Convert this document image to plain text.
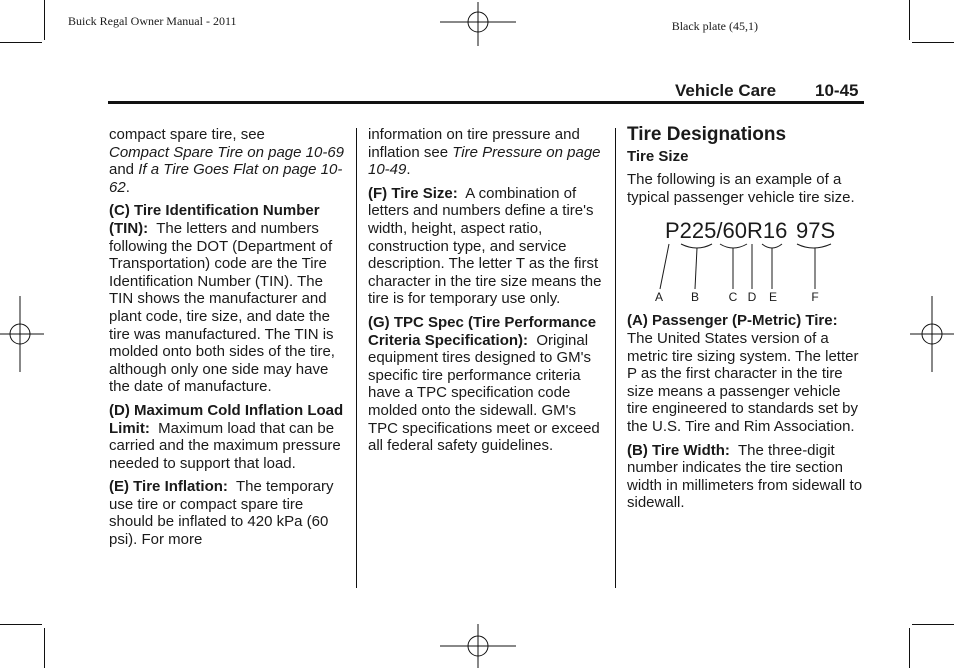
Buick Regal Owner Manual - 2011	Black plate (45,1)
Vehicle Care 10-45

compact spare tire, see
Compact Spare Tire on page 10-69 and If a Tire Goes Flat on page 10-62.

(C) Tire Identification Number (TIN): The letters and numbers following the DOT (Department of Transportation) code are the Tire Identification Number (TIN). The TIN shows the manufacturer and plant code, tire size, and date the tire was manufactured. The TIN is molded onto both sides of the tire, although only one side may have the date of manufacture.

(D) Maximum Cold Inflation Load Limit: Maximum load that can be carried and the maximum pressure needed to support that load.

(E) Tire Inflation: The temporary use tire or compact spare tire should be inflated to 420 kPa (60 psi). For more

information on tire pressure and inflation see Tire Pressure on page 10-49.

(F) Tire Size: A combination of letters and numbers define a tire's width, height, aspect ratio, construction type, and service description. The letter T as the first character in the tire size means the tire is for temporary use only.

(G) TPC Spec (Tire Performance Criteria Specification): Original equipment tires designed to GM's specific tire performance criteria have a TPC specification code molded onto the sidewall. GM's TPC specifications meet or exceed all federal safety guidelines.

Tire Designations
Tire Size

The following is an example of a typical passenger vehicle tire size.

P225/60R16 97S
A B C D E	F

(A) Passenger (P-Metric) Tire:  The United States version of a metric tire sizing system. The letter P as the first character in the tire size means a passenger vehicle tire engineered to standards set by the U.S. Tire and Rim Association.

(B) Tire Width: The three-digit number indicates the tire section width in millimeters from sidewall to sidewall.
